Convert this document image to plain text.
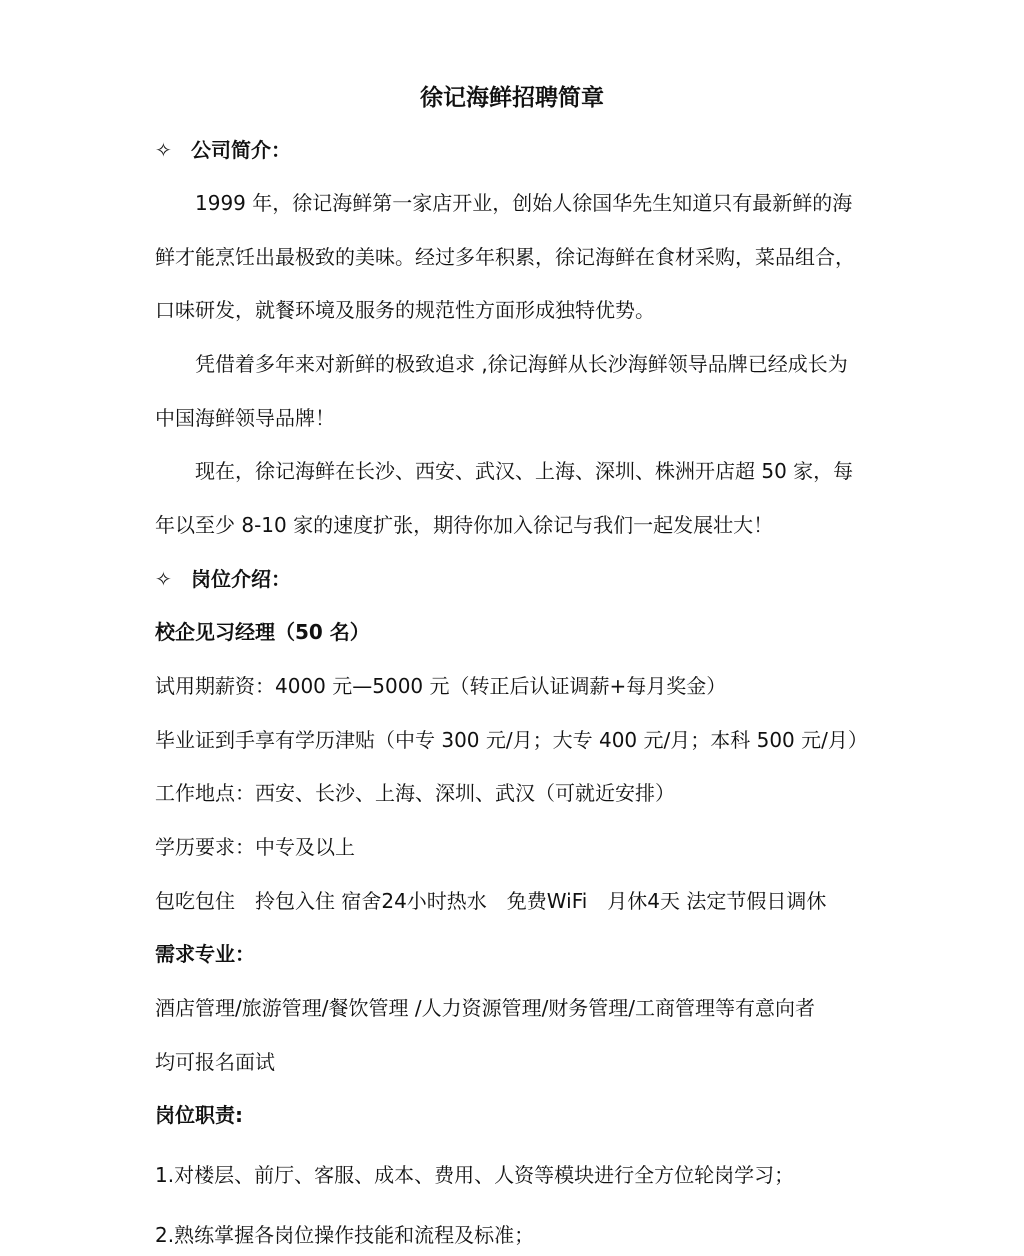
徐记海鲜招聘简章
✧ 公司简介：
1999 年，徐记海鲜第一家店开业，创始人徐国华先生知道只有最新鲜的海
鲜才能烹饪出最极致的美味。经过多年积累，徐记海鲜在食材采购，菜品组合，
口味研发，就餐环境及服务的规范性方面形成独特优势。
凭借着多年来对新鲜的极致追求 ,徐记海鲜从长沙海鲜领导品牌已经成长为
中国海鲜领导品牌！
现在，徐记海鲜在长沙、西安、武汉、上海、深圳、株洲开店超 50 家，每
年以至少 8-10 家的速度扩张，期待你加入徐记与我们一起发展壮大！
✧ 岗位介绍：
校企见习经理（50 名）
试用期薪资：4000 元—5000 元（转正后认证调薪+每月奖金）
毕业证到手享有学历津贴（中专 300 元/月；大专 400 元/月；本科 500 元/月）
工作地点：西安、长沙、上海、深圳、武汉（可就近安排）
学历要求：中专及以上
包吃包住　拎包入住 宿舍24小时热水　免费WiFi　月休4天 法定节假日调休
需求专业：
酒店管理/旅游管理/餐饮管理 /人力资源管理/财务管理/工商管理等有意向者
均可报名面试
岗位职责:
1.对楼层、前厅、客服、成本、费用、人资等模块进行全方位轮岗学习；
2.熟练掌握各岗位操作技能和流程及标准；
